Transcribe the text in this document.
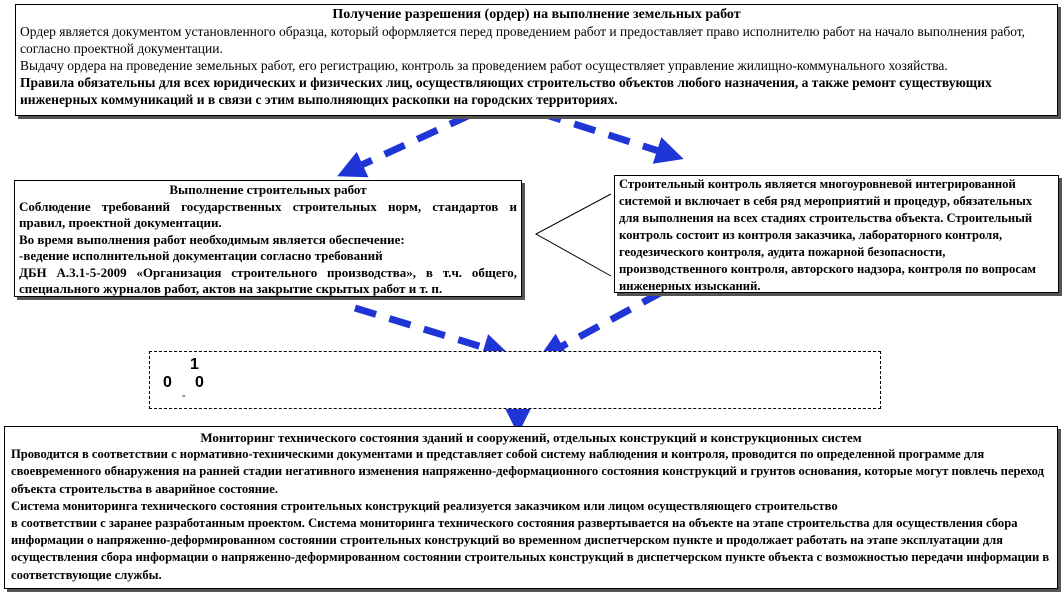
Получение разрешения (ордер) на выполнение земельных работ

Ордер является документом установленного образца, который оформляется перед проведением работ и предоставляет право исполнителю работ на начало выполнения работ, согласно проектной документации.

Выдачу ордера на проведение земельных работ, его регистрацию, контроль за проведением работ осуществляет управление жилищно-коммунального хозяйства.

Правила обязательны для всех юридических и физических лиц, осуществляющих строительство объектов любого назначения, а также ремонт существующих инженерных коммуникаций и в связи с этим выполняющих раскопки на городских территориях.

Выполнение строительных работ

Соблюдение требований государственных строительных норм, стандартов и правил, проектной документации.

Во время выполнения работ необходимым является обеспечение:

-ведение исполнительной документации согласно требований

ДБН А.3.1-5-2009 «Организация строительного производства», в т.ч. общего, специального журналов работ, актов на закрытие скрытых работ и т. п.

Строительный контроль является многоуровневой интегрированной системой и включает в себя ряд мероприятий и процедур, обязательных для выполнения на всех стадиях строительства объекта. Строительный контроль состоит из контроля заказчика, лабораторного контроля, геодезического контроля, аудита пожарной безопасности, производственного контроля, авторского надзора, контроля по вопросам инженерных изысканий.

1
0 0
-

Мониторинг технического состояния зданий и сооружений, отдельных конструкций и конструкционных систем

Проводится в соответствии с нормативно-техническими документами и представляет собой систему наблюдения и контроля, проводится по определенной программе для своевременного обнаружения на ранней стадии негативного изменения напряженно-деформационного состояния конструкций и грунтов основания, которые могут повлечь переход объекта строительства в аварийное состояние.

Система мониторинга технического состояния строительных конструкций реализуется заказчиком или лицом осуществляющего строительство

в соответствии с заранее разработанным проектом. Система мониторинга технического состояния развертывается на объекте на этапе строительства для осуществления сбора информации о напряженно-деформированном состоянии строительных конструкций во временном диспетчерском пункте и продолжает работать на этапе эксплуатации для осуществления сбора информации о напряженно-деформированном состоянии строительных конструкций в диспетчерском пункте объекта с возможностью передачи информации в соответствующие службы.
